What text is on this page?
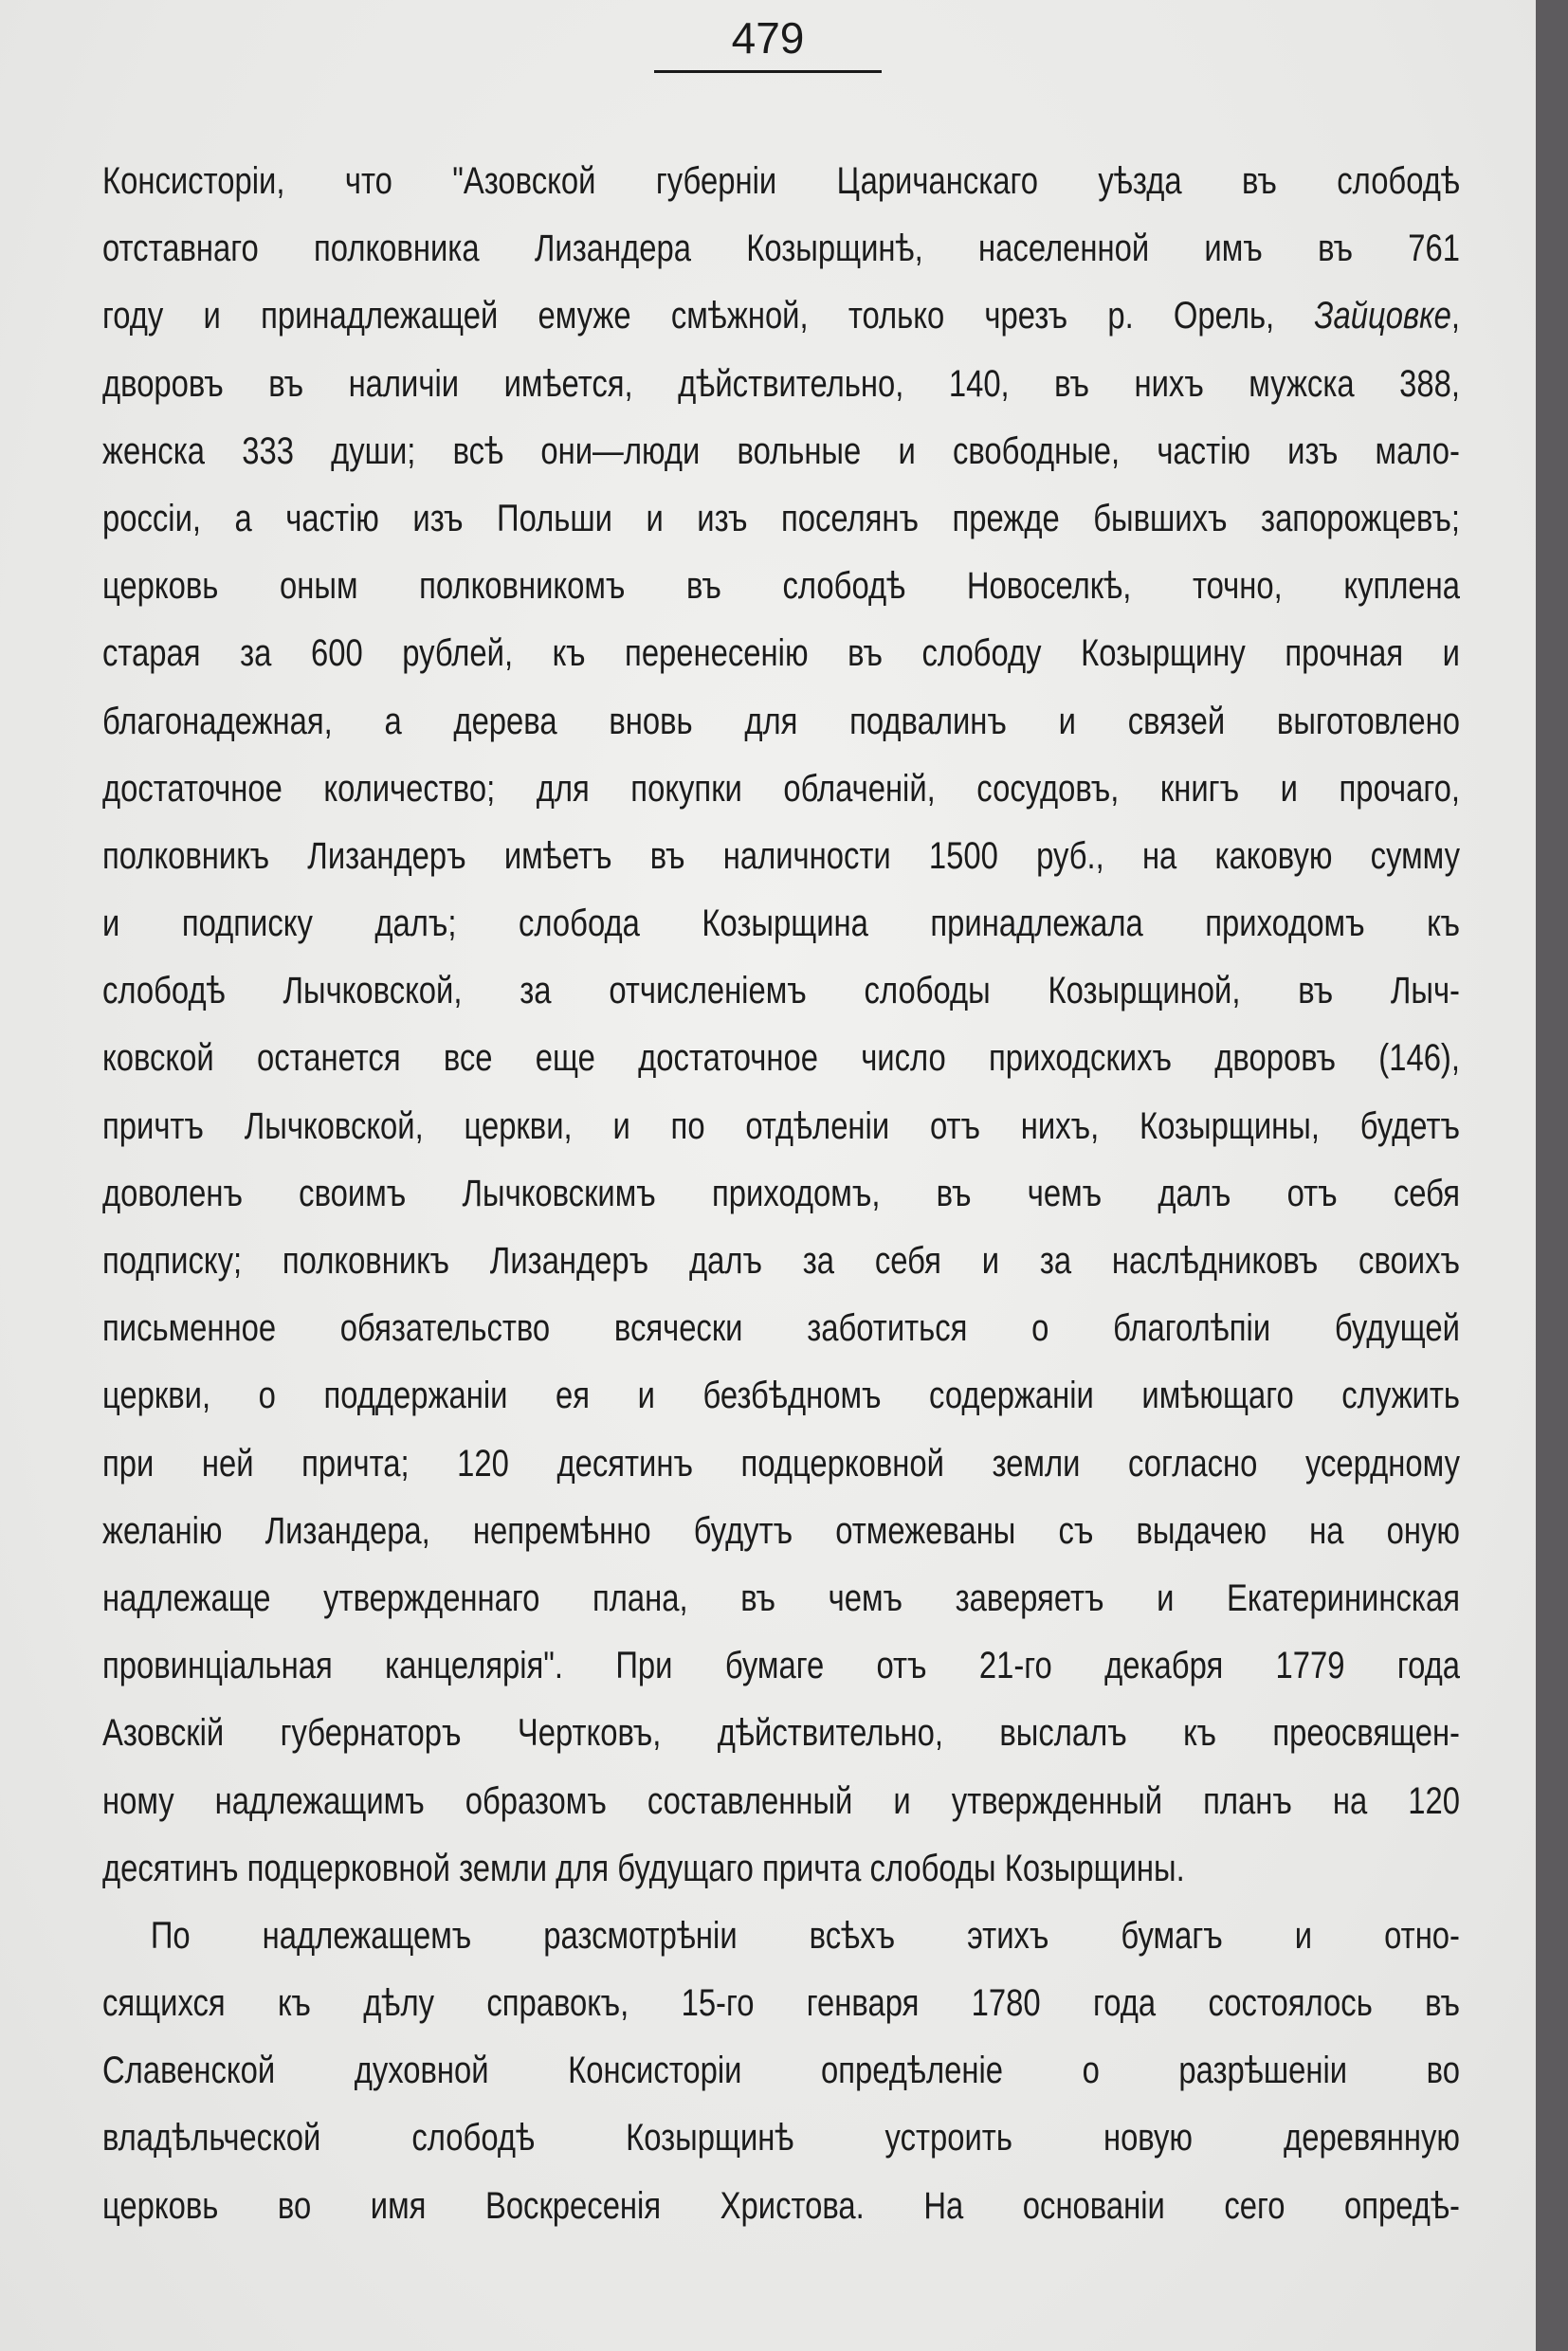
479
Консисторіи, что "Азовской губерніи Царичанскаго уѣзда въ слободѣ
отставнаго полковника Лизандера Козырщинѣ, населенной имъ въ 761
году и принадлежащей емуже смѣжной, только чрезъ р. Орель, Зайцовке,
дворовъ въ наличіи имѣется, дѣйствительно, 140, въ нихъ мужска 388,
женска 333 души; всѣ они—люди вольные и свободные, частію изъ мало-
россіи, а частію изъ Польши и изъ поселянъ прежде бывшихъ запорожцевъ;
церковь оным полковникомъ въ слободѣ Новоселкѣ, точно, куплена
старая за 600 рублей, къ перенесенію въ слободу Козырщину прочная и
благонадежная, а дерева вновь для подвалинъ и связей выготовлено
достаточное количество; для покупки облаченій, сосудовъ, книгъ и прочаго,
полковникъ Лизандеръ имѣетъ въ наличности 1500 руб., на каковую сумму
и подписку далъ; слобода Козырщина принадлежала приходомъ къ
слободѣ Лычковской, за отчисленіемъ слободы Козырщиной, въ Лыч-
ковской останется все еще достаточное число приходскихъ дворовъ (146),
причтъ Лычковской, церкви, и по отдѣленіи отъ нихъ, Козырщины, будетъ
доволенъ своимъ Лычковскимъ приходомъ, въ чемъ далъ отъ себя
подписку; полковникъ Лизандеръ далъ за себя и за наслѣдниковъ своихъ
письменное обязательство всячески заботиться о благолѣпіи будущей
церкви, о поддержаніи ея и безбѣдномъ содержаніи имѣющаго служить
при ней причта; 120 десятинъ подцерковной земли согласно усердному
желанію Лизандера, непремѣнно будутъ отмежеваны съ выдачею на оную
надлежаще утвержденнаго плана, въ чемъ заверяетъ и Екатерининская
провинціальная канцелярія". При бумаге отъ 21-го декабря 1779 года
Азовскій губернаторъ Чертковъ, дѣйствительно, выслалъ къ преосвящен-
ному надлежащимъ образомъ составленный и утвержденный планъ на 120
десятинъ подцерковной земли для будущаго причта слободы Козырщины.
По надлежащемъ разсмотрѣніи всѣхъ этихъ бумагъ и отно-
сящихся къ дѣлу справокъ, 15-го генваря 1780 года состоялось въ
Славенской духовной Консисторіи опредѣленіе о разрѣшеніи во
владѣльческой слободѣ Козырщинѣ устроить новую деревянную
церковь во имя Воскресенія Христова. На основаніи сего опредѣ-
